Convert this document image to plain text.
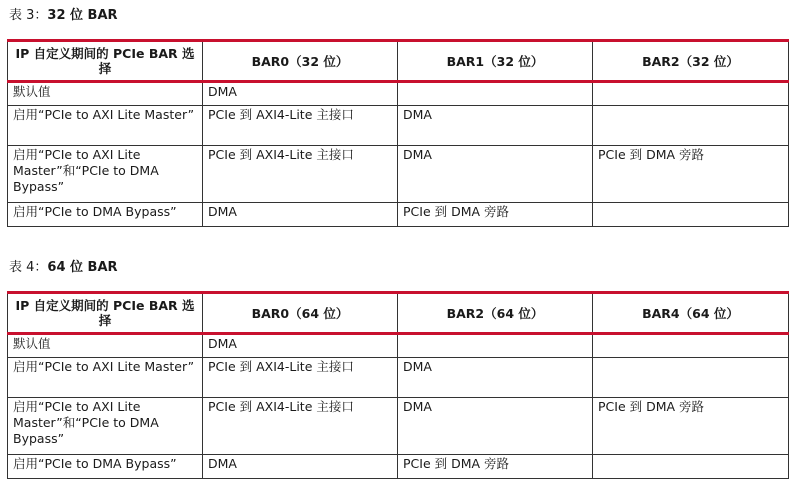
表 3：32 位 BAR
IP 自定义期间的 PCIe BAR 选择	BAR0（32 位）	BAR1（32 位）	BAR2（32 位）
默认值	DMA		
启用“PCIe to AXI Lite Master”	PCIe 到 AXI4-Lite 主接口	DMA	
启用“PCIe to AXI Lite Master”和“PCIe to DMA Bypass”	PCIe 到 AXI4-Lite 主接口	DMA	PCIe 到 DMA 旁路
启用“PCIe to DMA Bypass”	DMA	PCIe 到 DMA 旁路	
表 4：64 位 BAR
IP 自定义期间的 PCIe BAR 选择	BAR0（64 位）	BAR2（64 位）	BAR4（64 位）
默认值	DMA		
启用“PCIe to AXI Lite Master”	PCIe 到 AXI4-Lite 主接口	DMA	
启用“PCIe to AXI Lite Master”和“PCIe to DMA Bypass”	PCIe 到 AXI4-Lite 主接口	DMA	PCIe 到 DMA 旁路
启用“PCIe to DMA Bypass”	DMA	PCIe 到 DMA 旁路	
